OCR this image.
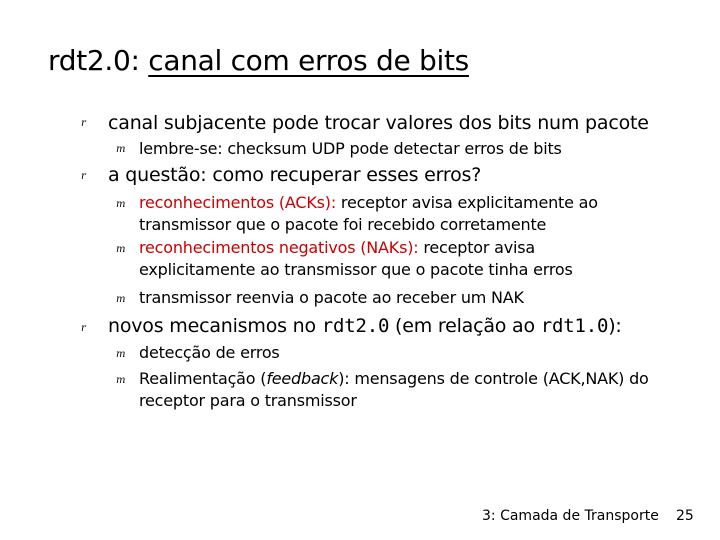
rdt2.0: canal com erros de bits
r canal subjacente pode trocar valores dos bits num pacote
m lembre-se: checksum UDP pode detectar erros de bits
r a questão: como recuperar esses erros?
m reconhecimentos (ACKs): receptor avisa explicitamente ao transmissor que o pacote foi recebido corretamente
m reconhecimentos negativos (NAKs): receptor avisa explicitamente ao transmissor que o pacote tinha erros
m transmissor reenvia o pacote ao receber um NAK
r novos mecanismos no rdt2.0 (em relação ao rdt1.0):
m detecção de erros
m Realimentação (feedback): mensagens de controle (ACK,NAK) do receptor para o transmissor
3: Camada de Transporte 25
